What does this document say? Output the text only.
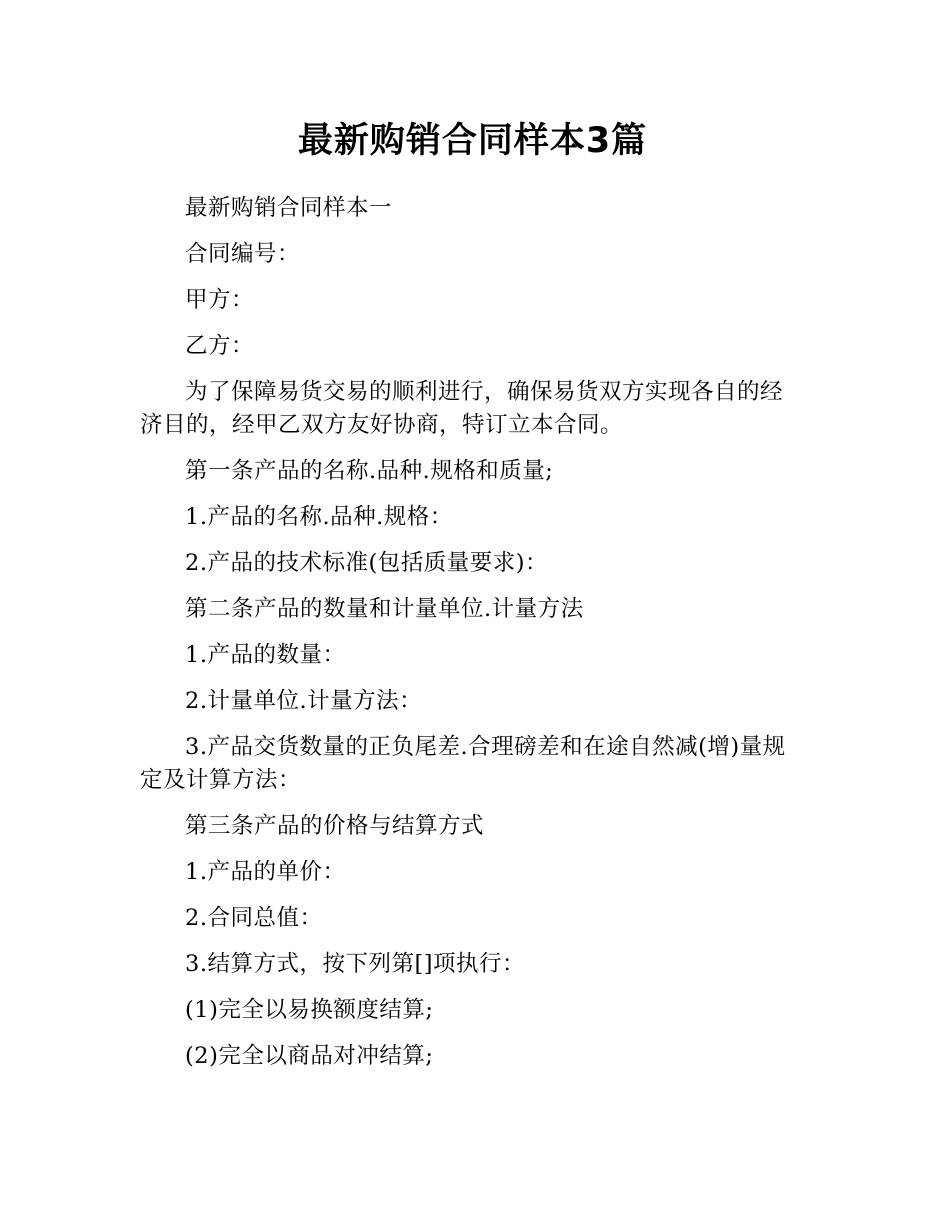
最新购销合同样本3篇

最新购销合同样本一

合同编号：

甲方：

乙方：

为了保障易货交易的顺利进行，确保易货双方实现各自的经济目的，经甲乙双方友好协商，特订立本合同。

第一条产品的名称.品种.规格和质量;

1.产品的名称.品种.规格：

2.产品的技术标准(包括质量要求)：

第二条产品的数量和计量单位.计量方法

1.产品的数量：

2.计量单位.计量方法：

3.产品交货数量的正负尾差.合理磅差和在途自然减(增)量规定及计算方法：

第三条产品的价格与结算方式

1.产品的单价：

2.合同总值：

3.结算方式，按下列第[]项执行：

(1)完全以易换额度结算;

(2)完全以商品对冲结算;
